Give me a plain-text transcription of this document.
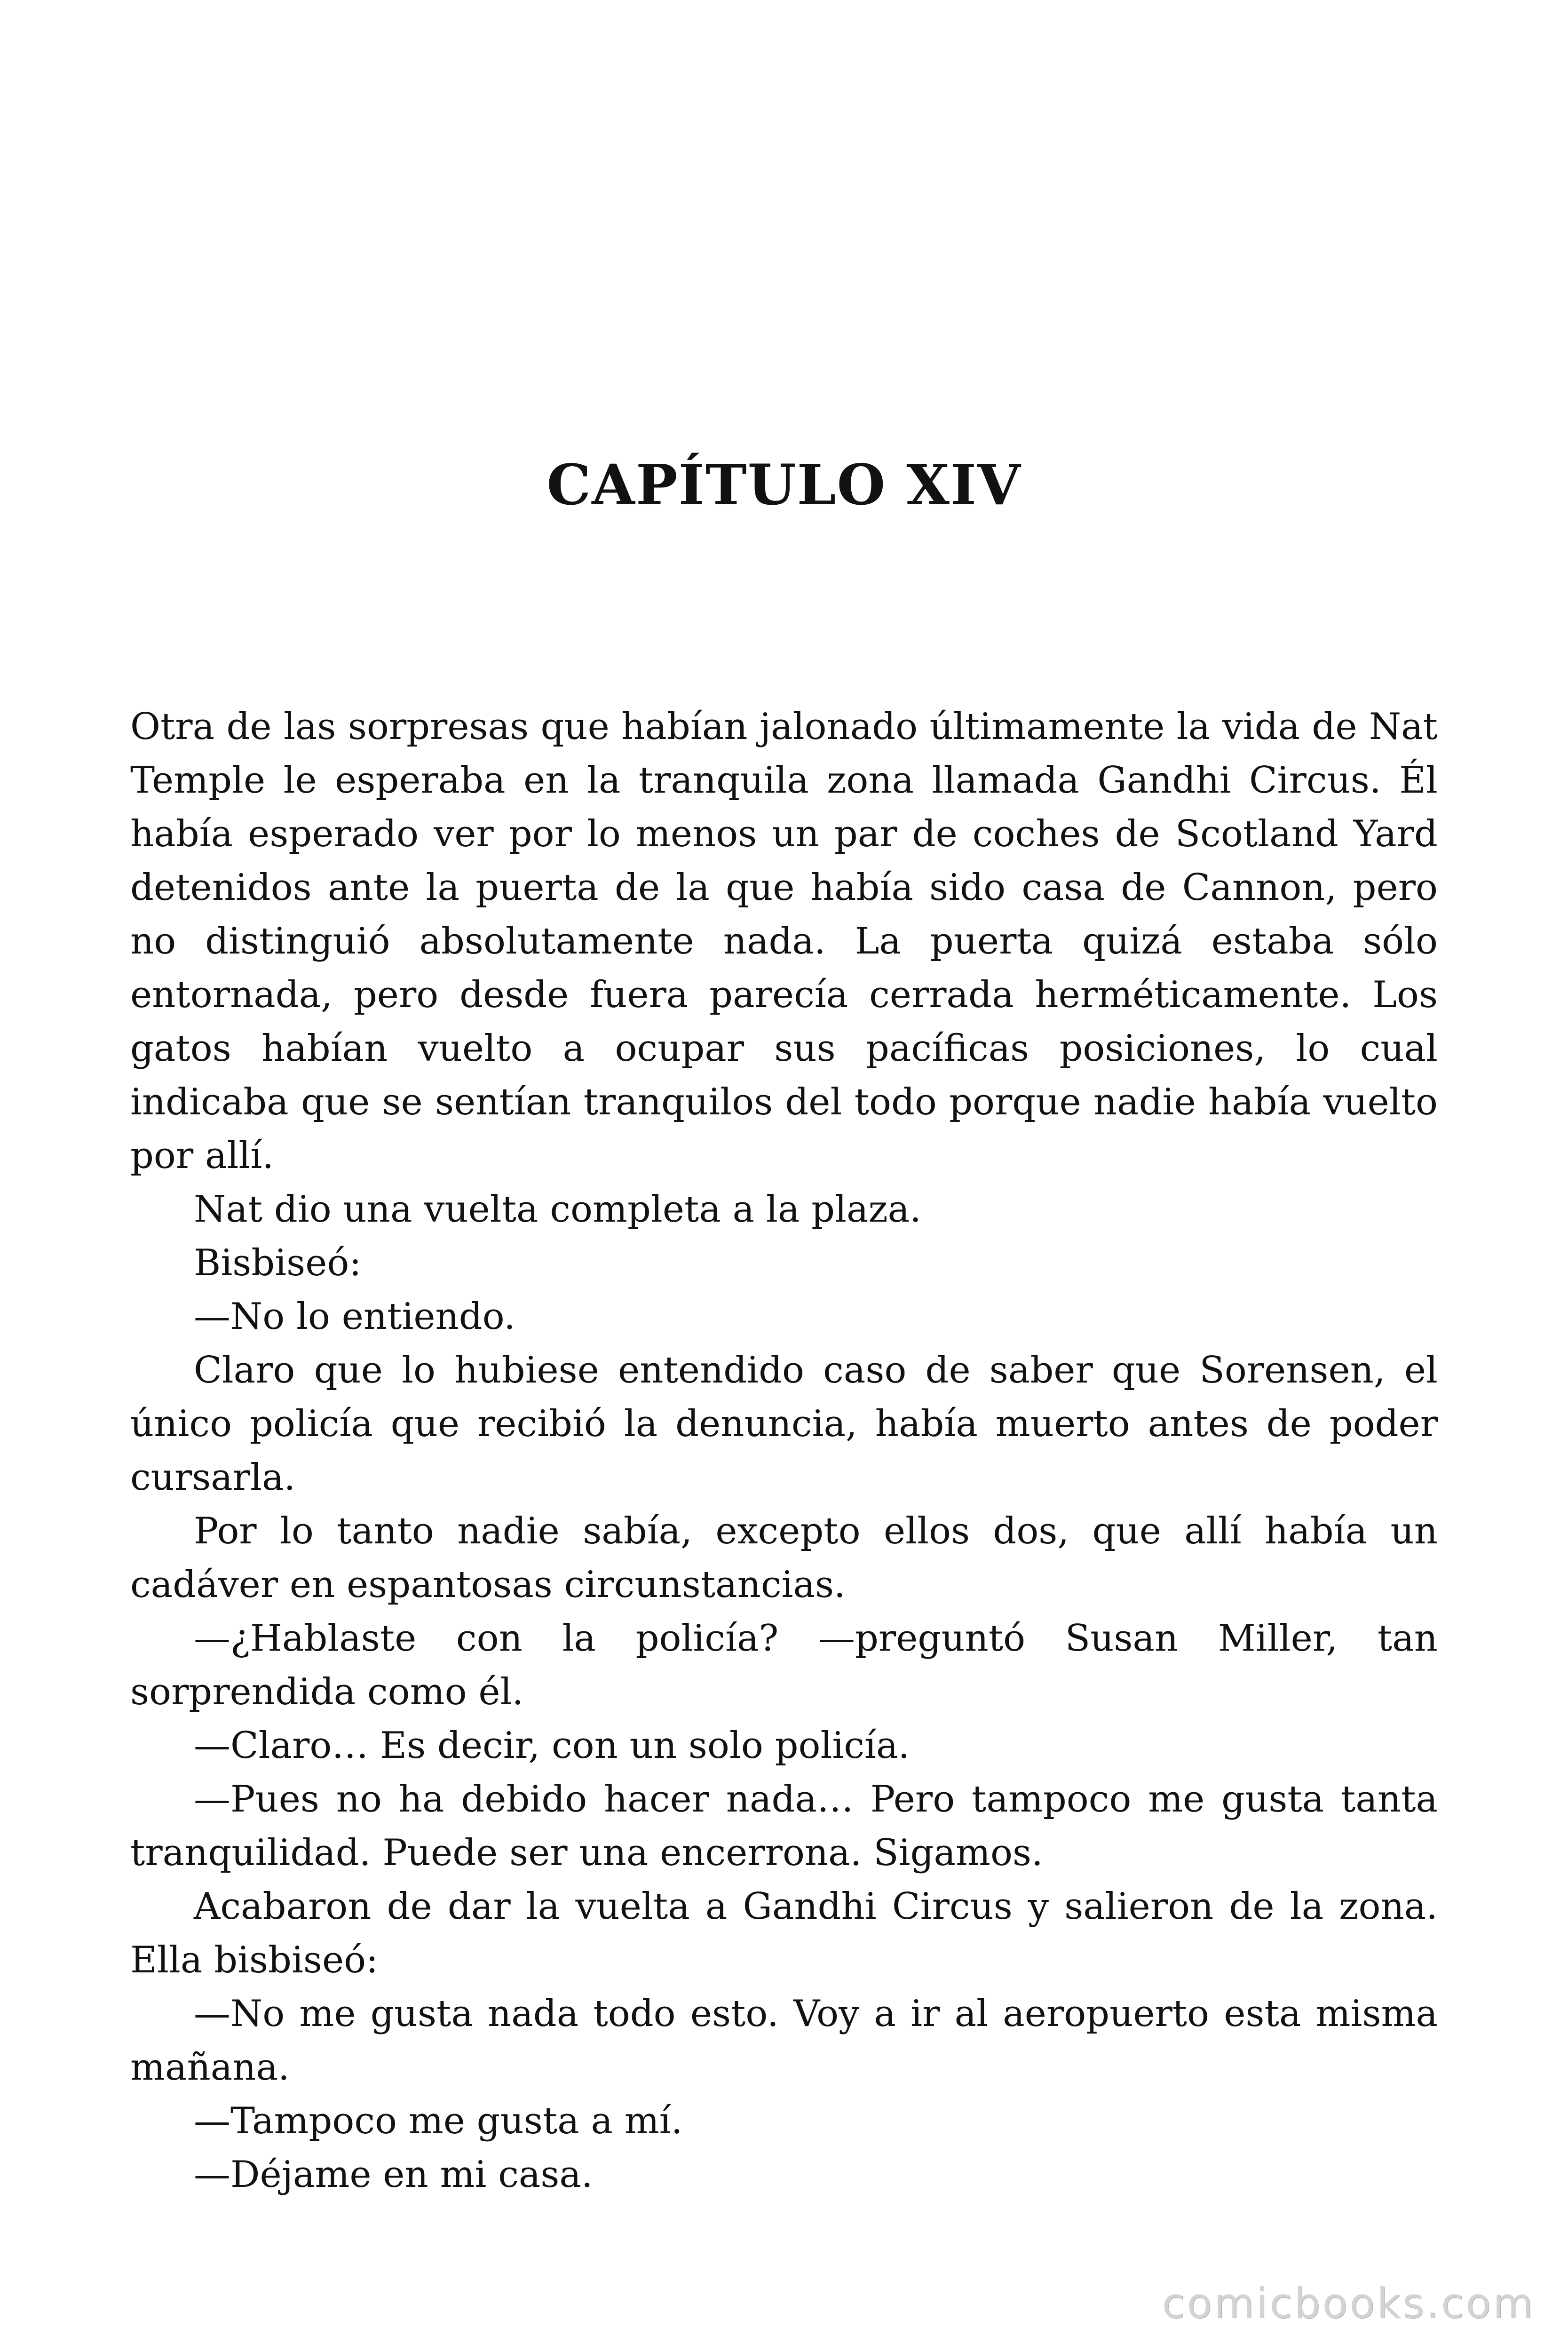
CAPÍTULO XIV

Otra de las sorpresas que habían jalonado últimamente la vida de Nat Temple le esperaba en la tranquila zona llamada Gandhi Circus. Él había esperado ver por lo menos un par de coches de Scotland Yard detenidos ante la puerta de la que había sido casa de Cannon, pero no distinguió absolutamente nada. La puerta quizá estaba sólo entornada, pero desde fuera parecía cerrada herméticamente. Los gatos habían vuelto a ocupar sus pacíficas posiciones, lo cual indicaba que se sentían tranquilos del todo porque nadie había vuelto por allí.

Nat dio una vuelta completa a la plaza.

Bisbiseó:

—No lo entiendo.

Claro que lo hubiese entendido caso de saber que Sorensen, el único policía que recibió la denuncia, había muerto antes de poder cursarla.

Por lo tanto nadie sabía, excepto ellos dos, que allí había un cadáver en espantosas circunstancias.

—¿Hablaste con la policía? —preguntó Susan Miller, tan sorprendida como él.

—Claro… Es decir, con un solo policía.

—Pues no ha debido hacer nada… Pero tampoco me gusta tanta tranquilidad. Puede ser una encerrona. Sigamos.

Acabaron de dar la vuelta a Gandhi Circus y salieron de la zona. Ella bisbiseó:

—No me gusta nada todo esto. Voy a ir al aeropuerto esta misma mañana.

—Tampoco me gusta a mí.

—Déjame en mi casa.

comicbooks.com
